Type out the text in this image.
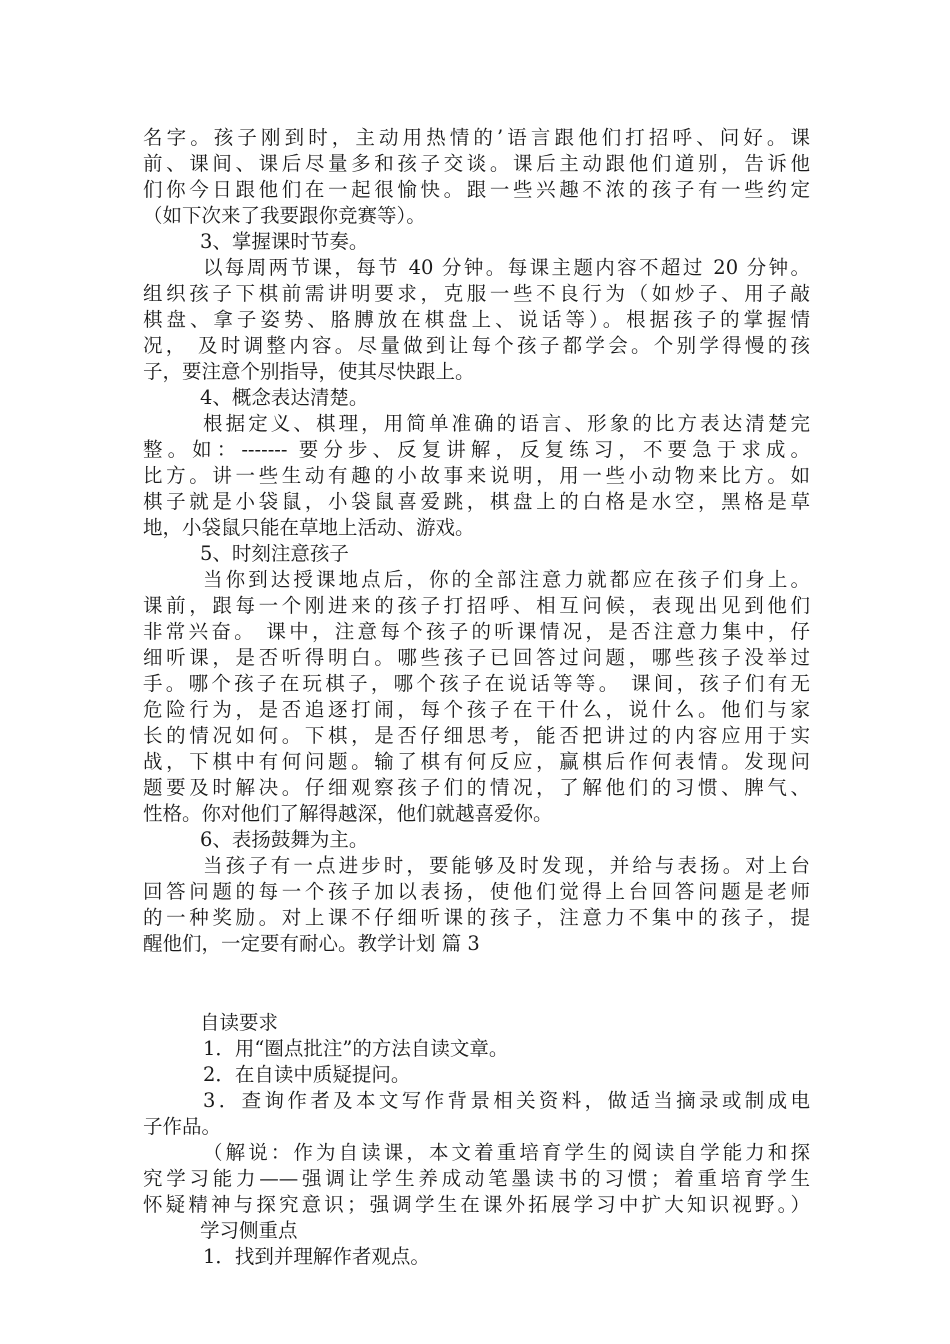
名字。孩子刚到时，主动用热情的’语言跟他们打招呼、问好。课
前、课间、课后尽量多和孩子交谈。课后主动跟他们道别，告诉他
们你今日跟他们在一起很愉快。跟一些兴趣不浓的孩子有一些约定
（如下次来了我要跟你竞赛等）。
3、掌握课时节奏。
以每周两节课，每节 40 分钟。每课主题内容不超过 20 分钟。
组织孩子下棋前需讲明要求，克服一些不良行为（如炒子、用子敲
棋盘、拿子姿势、胳膊放在棋盘上、说话等）。根据孩子的掌握情
况， 及时调整内容。尽量做到让每个孩子都学会。个别学得慢的孩
子，要注意个别指导，使其尽快跟上。
4、概念表达清楚。
根据定义、棋理，用简单准确的语言、形象的比方表达清楚完
整。如：------- 要分步、反复讲解，反复练习，不要急于求成。
比方。讲一些生动有趣的小故事来说明，用一些小动物来比方。如
棋子就是小袋鼠，小袋鼠喜爱跳，棋盘上的白格是水空，黑格是草
地，小袋鼠只能在草地上活动、游戏。
5、时刻注意孩子
当你到达授课地点后，你的全部注意力就都应在孩子们身上。
课前，跟每一个刚进来的孩子打招呼、相互问候，表现出见到他们
非常兴奋。 课中，注意每个孩子的听课情况，是否注意力集中，仔
细听课，是否听得明白。哪些孩子已回答过问题，哪些孩子没举过
手。哪个孩子在玩棋子，哪个孩子在说话等等。 课间，孩子们有无
危险行为，是否追逐打闹，每个孩子在干什么，说什么。他们与家
长的情况如何。下棋，是否仔细思考，能否把讲过的内容应用于实
战，下棋中有何问题。输了棋有何反应，赢棋后作何表情。发现问
题要及时解决。仔细观察孩子们的情况，了解他们的习惯、脾气、
性格。你对他们了解得越深，他们就越喜爱你。
6、表扬鼓舞为主。
当孩子有一点进步时，要能够及时发现，并给与表扬。对上台
回答问题的每一个孩子加以表扬，使他们觉得上台回答问题是老师
的一种奖励。对上课不仔细听课的孩子，注意力不集中的孩子，提
醒他们，一定要有耐心。教学计划 篇 3
自读要求
1．用“圈点批注”的方法自读文章。
2．在自读中质疑提问。
3．查询作者及本文写作背景相关资料，做适当摘录或制成电
子作品。
（解说：作为自读课，本文着重培育学生的阅读自学能力和探
究学习能力——强调让学生养成动笔墨读书的习惯；着重培育学生
怀疑精神与探究意识；强调学生在课外拓展学习中扩大知识视野。）
学习侧重点
1．找到并理解作者观点。
